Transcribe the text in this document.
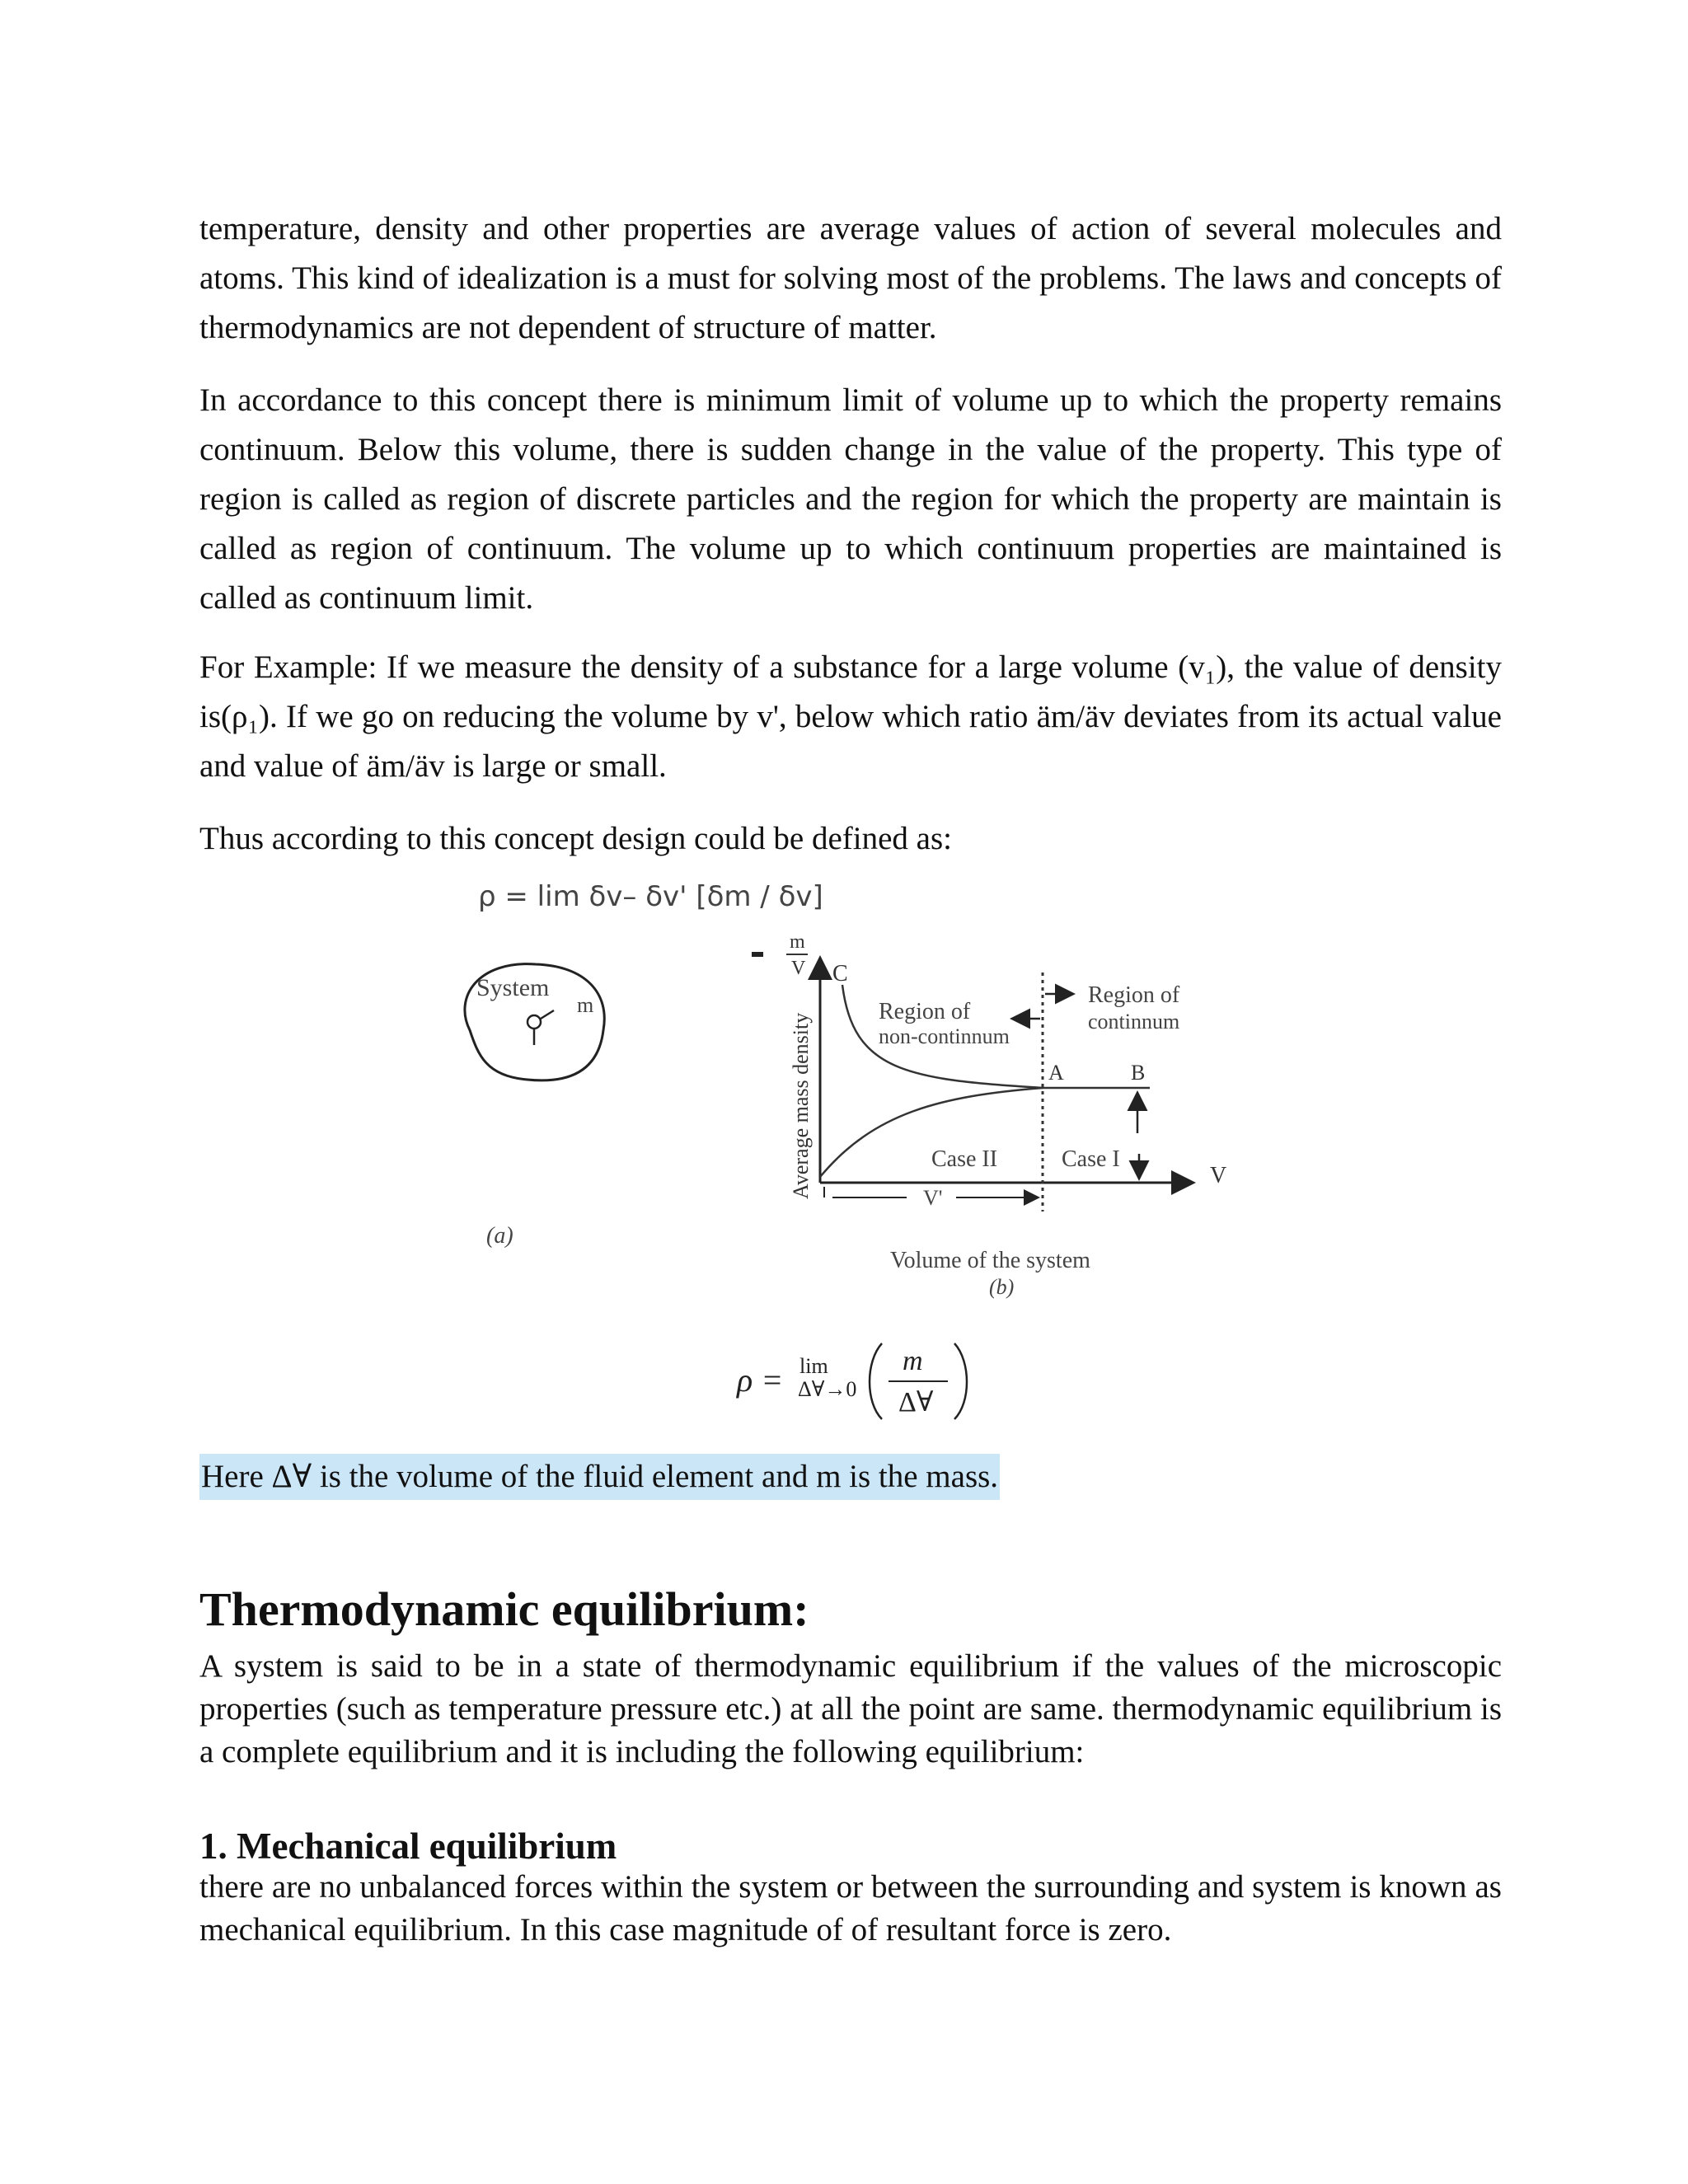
temperature, density and other properties are average values of action of several molecules and atoms. This kind of idealization is a must for solving most of the problems. The laws and concepts of thermodynamics are not dependent of structure of matter.

In accordance to this concept there is minimum limit of volume up to which the property remains continuum. Below this volume, there is sudden change in the value of the property. This type of region is called as region of discrete particles and the region for which the property are maintain is called as region of continuum. The volume up to which continuum properties are maintained is called as continuum limit.

For Example: If we measure the density of a substance for a large volume (v₁), the value of density is(ρ₁). If we go on reducing the volume by v', below which ratio äm/äv deviates from its actual value and value of äm/äv is large or small.

Thus according to this concept design could be defined as:

ρ = lim δv– δv' [δm / δv]

System
m
(a)
Average mass density
m
V
V
C
Region of
non-continnum
Region of
continnum
A	B
Case II	Case I
V'
Volume of the system
(b)
ρ = lim
Δ∀→0
m
Δ∀

Here Δ∀ is the volume of the fluid element and m is the mass.

Thermodynamic equilibrium:

A system is said to be in a state of thermodynamic equilibrium if the values of the microscopic properties (such as temperature pressure etc.) at all the point are same. thermodynamic equilibrium is a complete equilibrium and it is including the following equilibrium:

1. Mechanical equilibrium

there are no unbalanced forces within the system or between the surrounding and system is known as mechanical equilibrium. In this case magnitude of of resultant force is zero.
